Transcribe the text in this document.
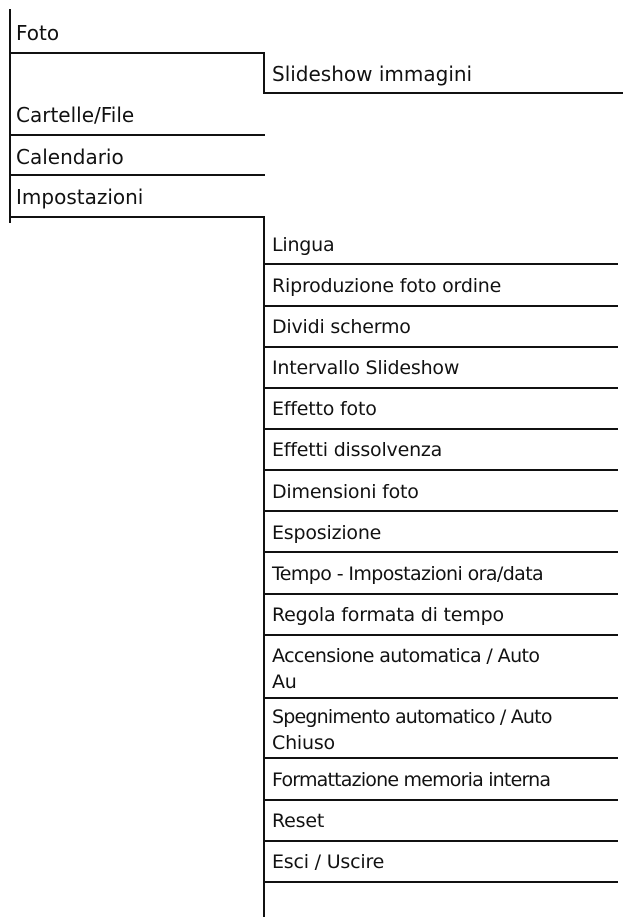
Foto
Cartelle/File
Calendario
Impostazioni
Slideshow immagini
Lingua
Riproduzione foto ordine
Dividi schermo
Intervallo Slideshow
Effetto foto
Effetti dissolvenza
Dimensioni foto
Esposizione
Tempo - Impostazioni ora/data
Regola formata di tempo
Accensione automatica / Auto
Au
Spegnimento automatico / Auto
Chiuso
Formattazione memoria interna
Reset
Esci / Uscire
